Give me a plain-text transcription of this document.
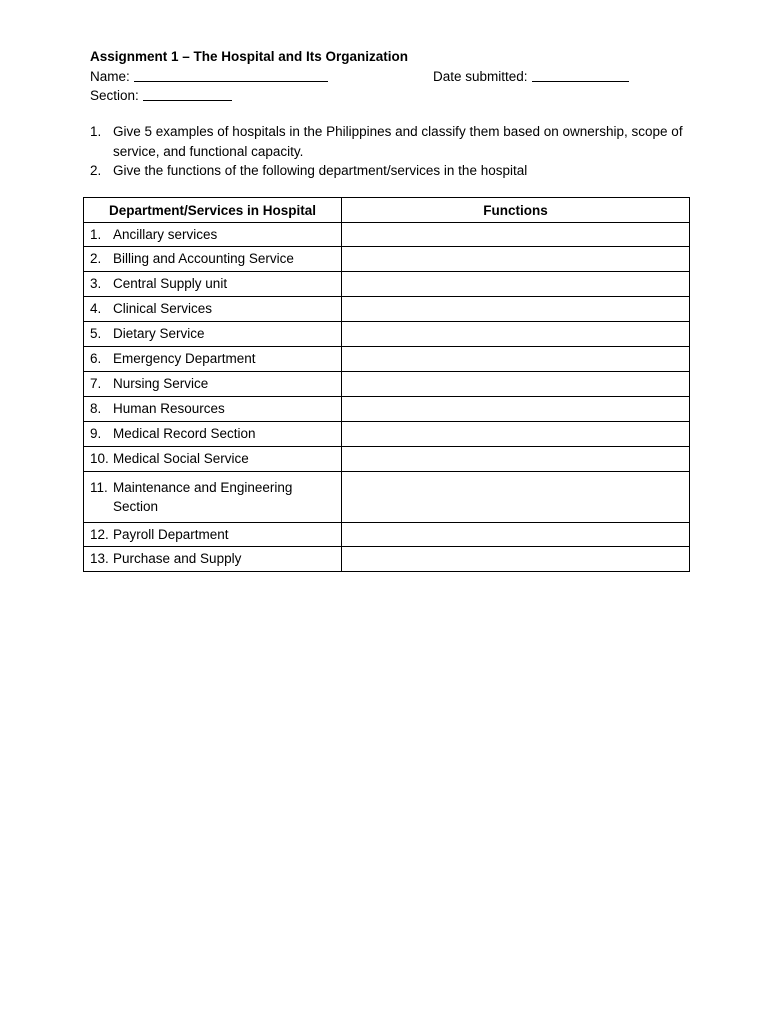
Assignment 1 – The Hospital and Its Organization
Name:	Date submitted:
Section:
1. Give 5 examples of hospitals in the Philippines and classify them based on ownership, scope of service, and functional capacity.
2. Give the functions of the following department/services in the hospital
Department/Services in Hospital	Functions

1. Ancillary services	

2. Billing and Accounting Service	

3. Central Supply unit	

4. Clinical Services	

5. Dietary Service	

6. Emergency Department	

7. Nursing Service	

8. Human Resources	

9. Medical Record Section	

10. Medical Social Service	

11. Maintenance and Engineering Section	

12. Payroll Department	

13. Purchase and Supply	
